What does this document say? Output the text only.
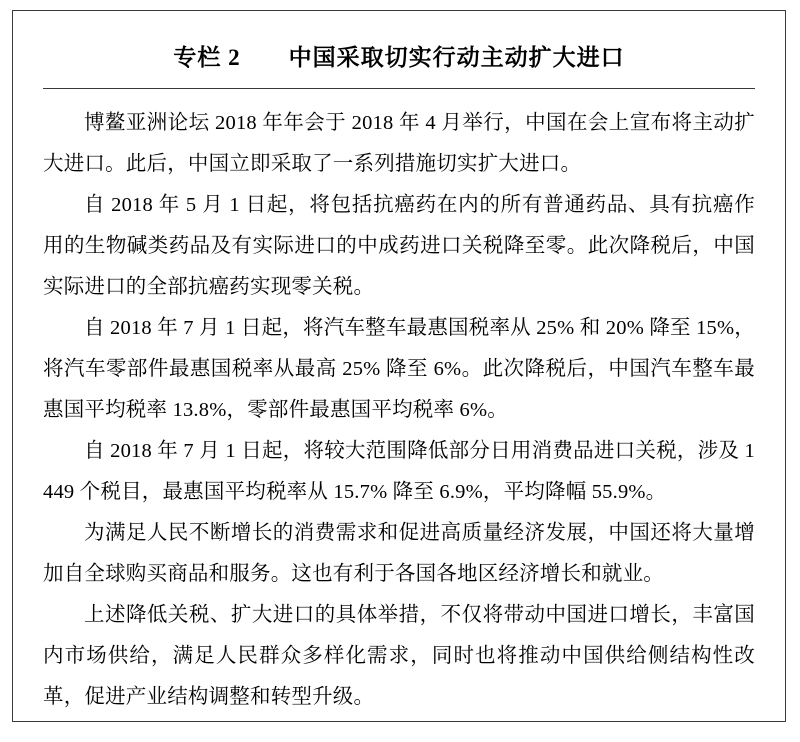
专栏 2　　中国采取切实行动主动扩大进口

博鳌亚洲论坛 2018 年年会于 2018 年 4 月举行，中国在会上宣布将主动扩大进口。此后，中国立即采取了一系列措施切实扩大进口。

自 2018 年 5 月 1 日起，将包括抗癌药在内的所有普通药品、具有抗癌作用的生物碱类药品及有实际进口的中成药进口关税降至零。此次降税后，中国实际进口的全部抗癌药实现零关税。

自 2018 年 7 月 1 日起，将汽车整车最惠国税率从 25% 和 20% 降至 15%，将汽车零部件最惠国税率从最高 25% 降至 6%。此次降税后，中国汽车整车最惠国平均税率 13.8%，零部件最惠国平均税率 6%。

自 2018 年 7 月 1 日起，将较大范围降低部分日用消费品进口关税，涉及 1449 个税目，最惠国平均税率从 15.7% 降至 6.9%，平均降幅 55.9%。

为满足人民不断增长的消费需求和促进高质量经济发展，中国还将大量增加自全球购买商品和服务。这也有利于各国各地区经济增长和就业。

上述降低关税、扩大进口的具体举措，不仅将带动中国进口增长，丰富国内市场供给，满足人民群众多样化需求，同时也将推动中国供给侧结构性改革，促进产业结构调整和转型升级。
